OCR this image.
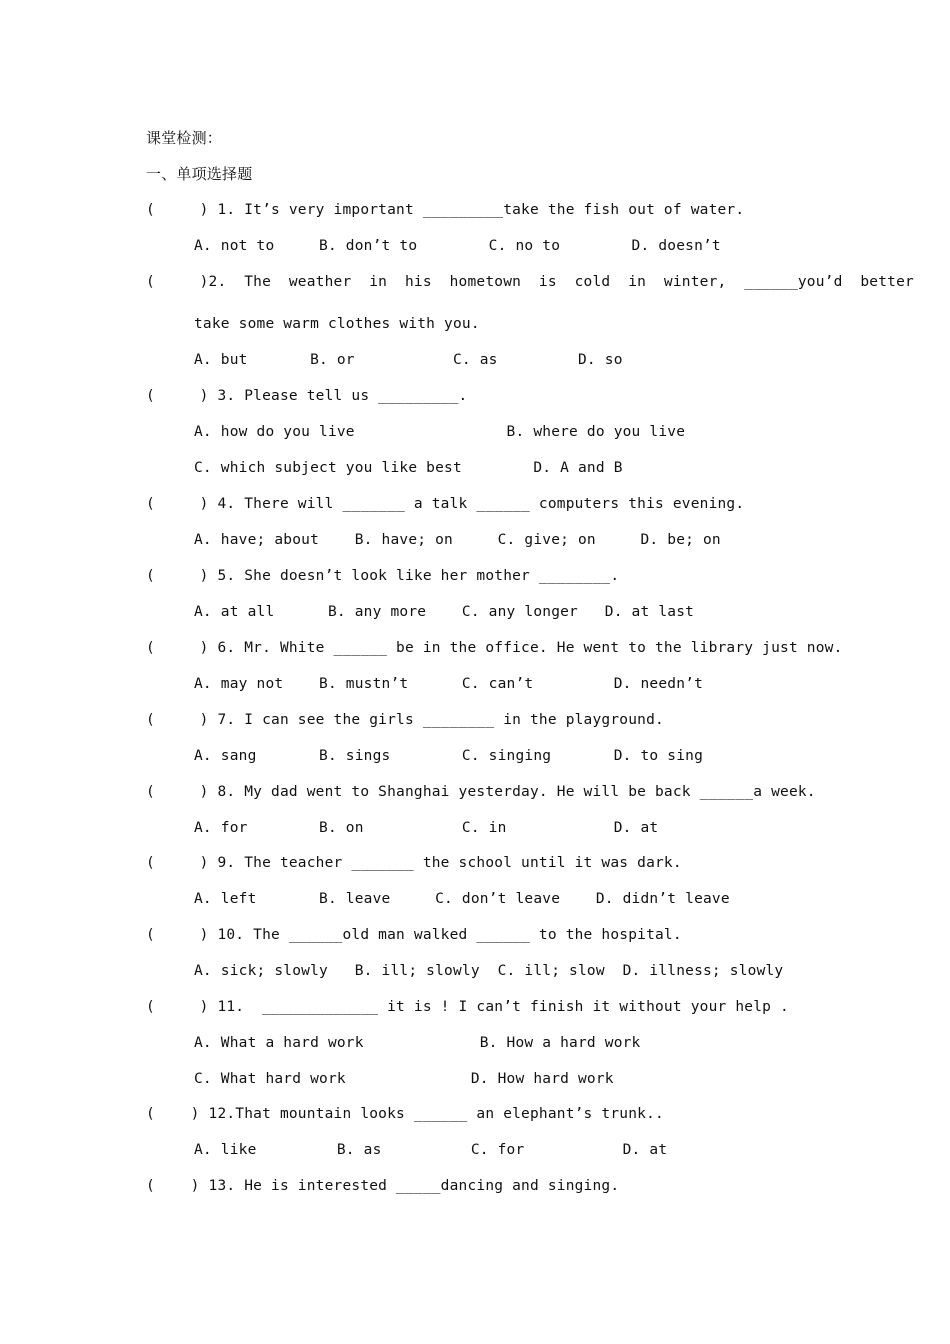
课堂检测：
一、单项选择题
(     ) 1. It’s very important _________take the fish out of water.
A. not to     B. don’t to        C. no to        D. doesn’t
(     )2.  The  weather  in  his  hometown  is  cold  in  winter,  ______you’d  better
take some warm clothes with you.
A. but       B. or           C. as         D. so
(     ) 3. Please tell us _________.
A. how do you live                 B. where do you live
C. which subject you like best        D. A and B
(     ) 4. There will _______ a talk ______ computers this evening.
A. have; about    B. have; on     C. give; on     D. be; on
(     ) 5. She doesn’t look like her mother ________.
A. at all      B. any more    C. any longer   D. at last
(     ) 6. Mr. White ______ be in the office. He went to the library just now.
A. may not    B. mustn’t      C. can’t         D. needn’t
(     ) 7. I can see the girls ________ in the playground.
A. sang       B. sings        C. singing       D. to sing
(     ) 8. My dad went to Shanghai yesterday. He will be back ______a week.
A. for        B. on           C. in            D. at
(     ) 9. The teacher _______ the school until it was dark.
A. left       B. leave     C. don’t leave    D. didn’t leave
(     ) 10. The ______old man walked ______ to the hospital.
A. sick; slowly   B. ill; slowly  C. ill; slow  D. illness; slowly
(     ) 11.  _____________ it is ! I can’t finish it without your help .
A. What a hard work             B. How a hard work
C. What hard work              D. How hard work
(    ) 12.That mountain looks ______ an elephant’s trunk..
A. like         B. as          C. for           D. at
(    ) 13. He is interested _____dancing and singing.
